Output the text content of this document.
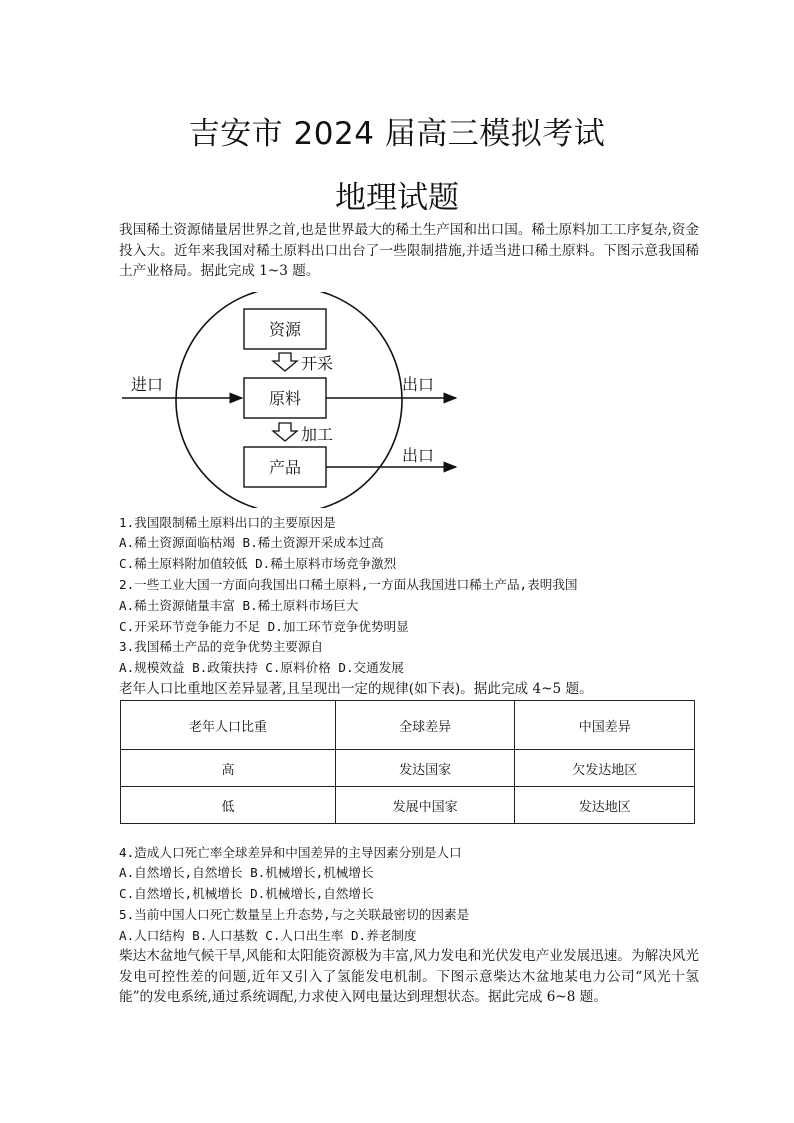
吉安市 2024 届高三模拟考试
地理试题
我国稀土资源储量居世界之首,也是世界最大的稀土生产国和出口国。稀土原料加工工序复杂,资金投入大。近年来我国对稀土原料出口出台了一些限制措施,并适当进口稀土原料。下图示意我国稀土产业格局。据此完成 1~3 题。
资源
开采
原料
加工
产品
进口	出口
出口
1.我国限制稀土原料出口的主要原因是
A.稀土资源面临枯竭 B.稀土资源开采成本过高
C.稀土原料附加值较低 D.稀土原料市场竞争激烈
2.一些工业大国一方面向我国出口稀土原料,一方面从我国进口稀土产品,表明我国
A.稀土资源储量丰富 B.稀土原料市场巨大
C.开采环节竞争能力不足 D.加工环节竞争优势明显
3.我国稀土产品的竞争优势主要源自
A.规模效益 B.政策扶持 C.原料价格 D.交通发展
老年人口比重地区差异显著,且呈现出一定的规律(如下表)。据此完成 4~5 题。
老年人口比重	全球差异	中国差异
高	发达国家	欠发达地区
低	发展中国家	发达地区
4.造成人口死亡率全球差异和中国差异的主导因素分别是人口
A.自然增长,自然增长 B.机械增长,机械增长
C.自然增长,机械增长 D.机械增长,自然增长
5.当前中国人口死亡数量呈上升态势,与之关联最密切的因素是
A.人口结构 B.人口基数 C.人口出生率 D.养老制度
柴达木盆地气候干旱,风能和太阳能资源极为丰富,风力发电和光伏发电产业发展迅速。为解决风光发电可控性差的问题,近年又引入了氢能发电机制。下图示意柴达木盆地某电力公司“风光十氢能”的发电系统,通过系统调配,力求使入网电量达到理想状态。据此完成 6~8 题。
